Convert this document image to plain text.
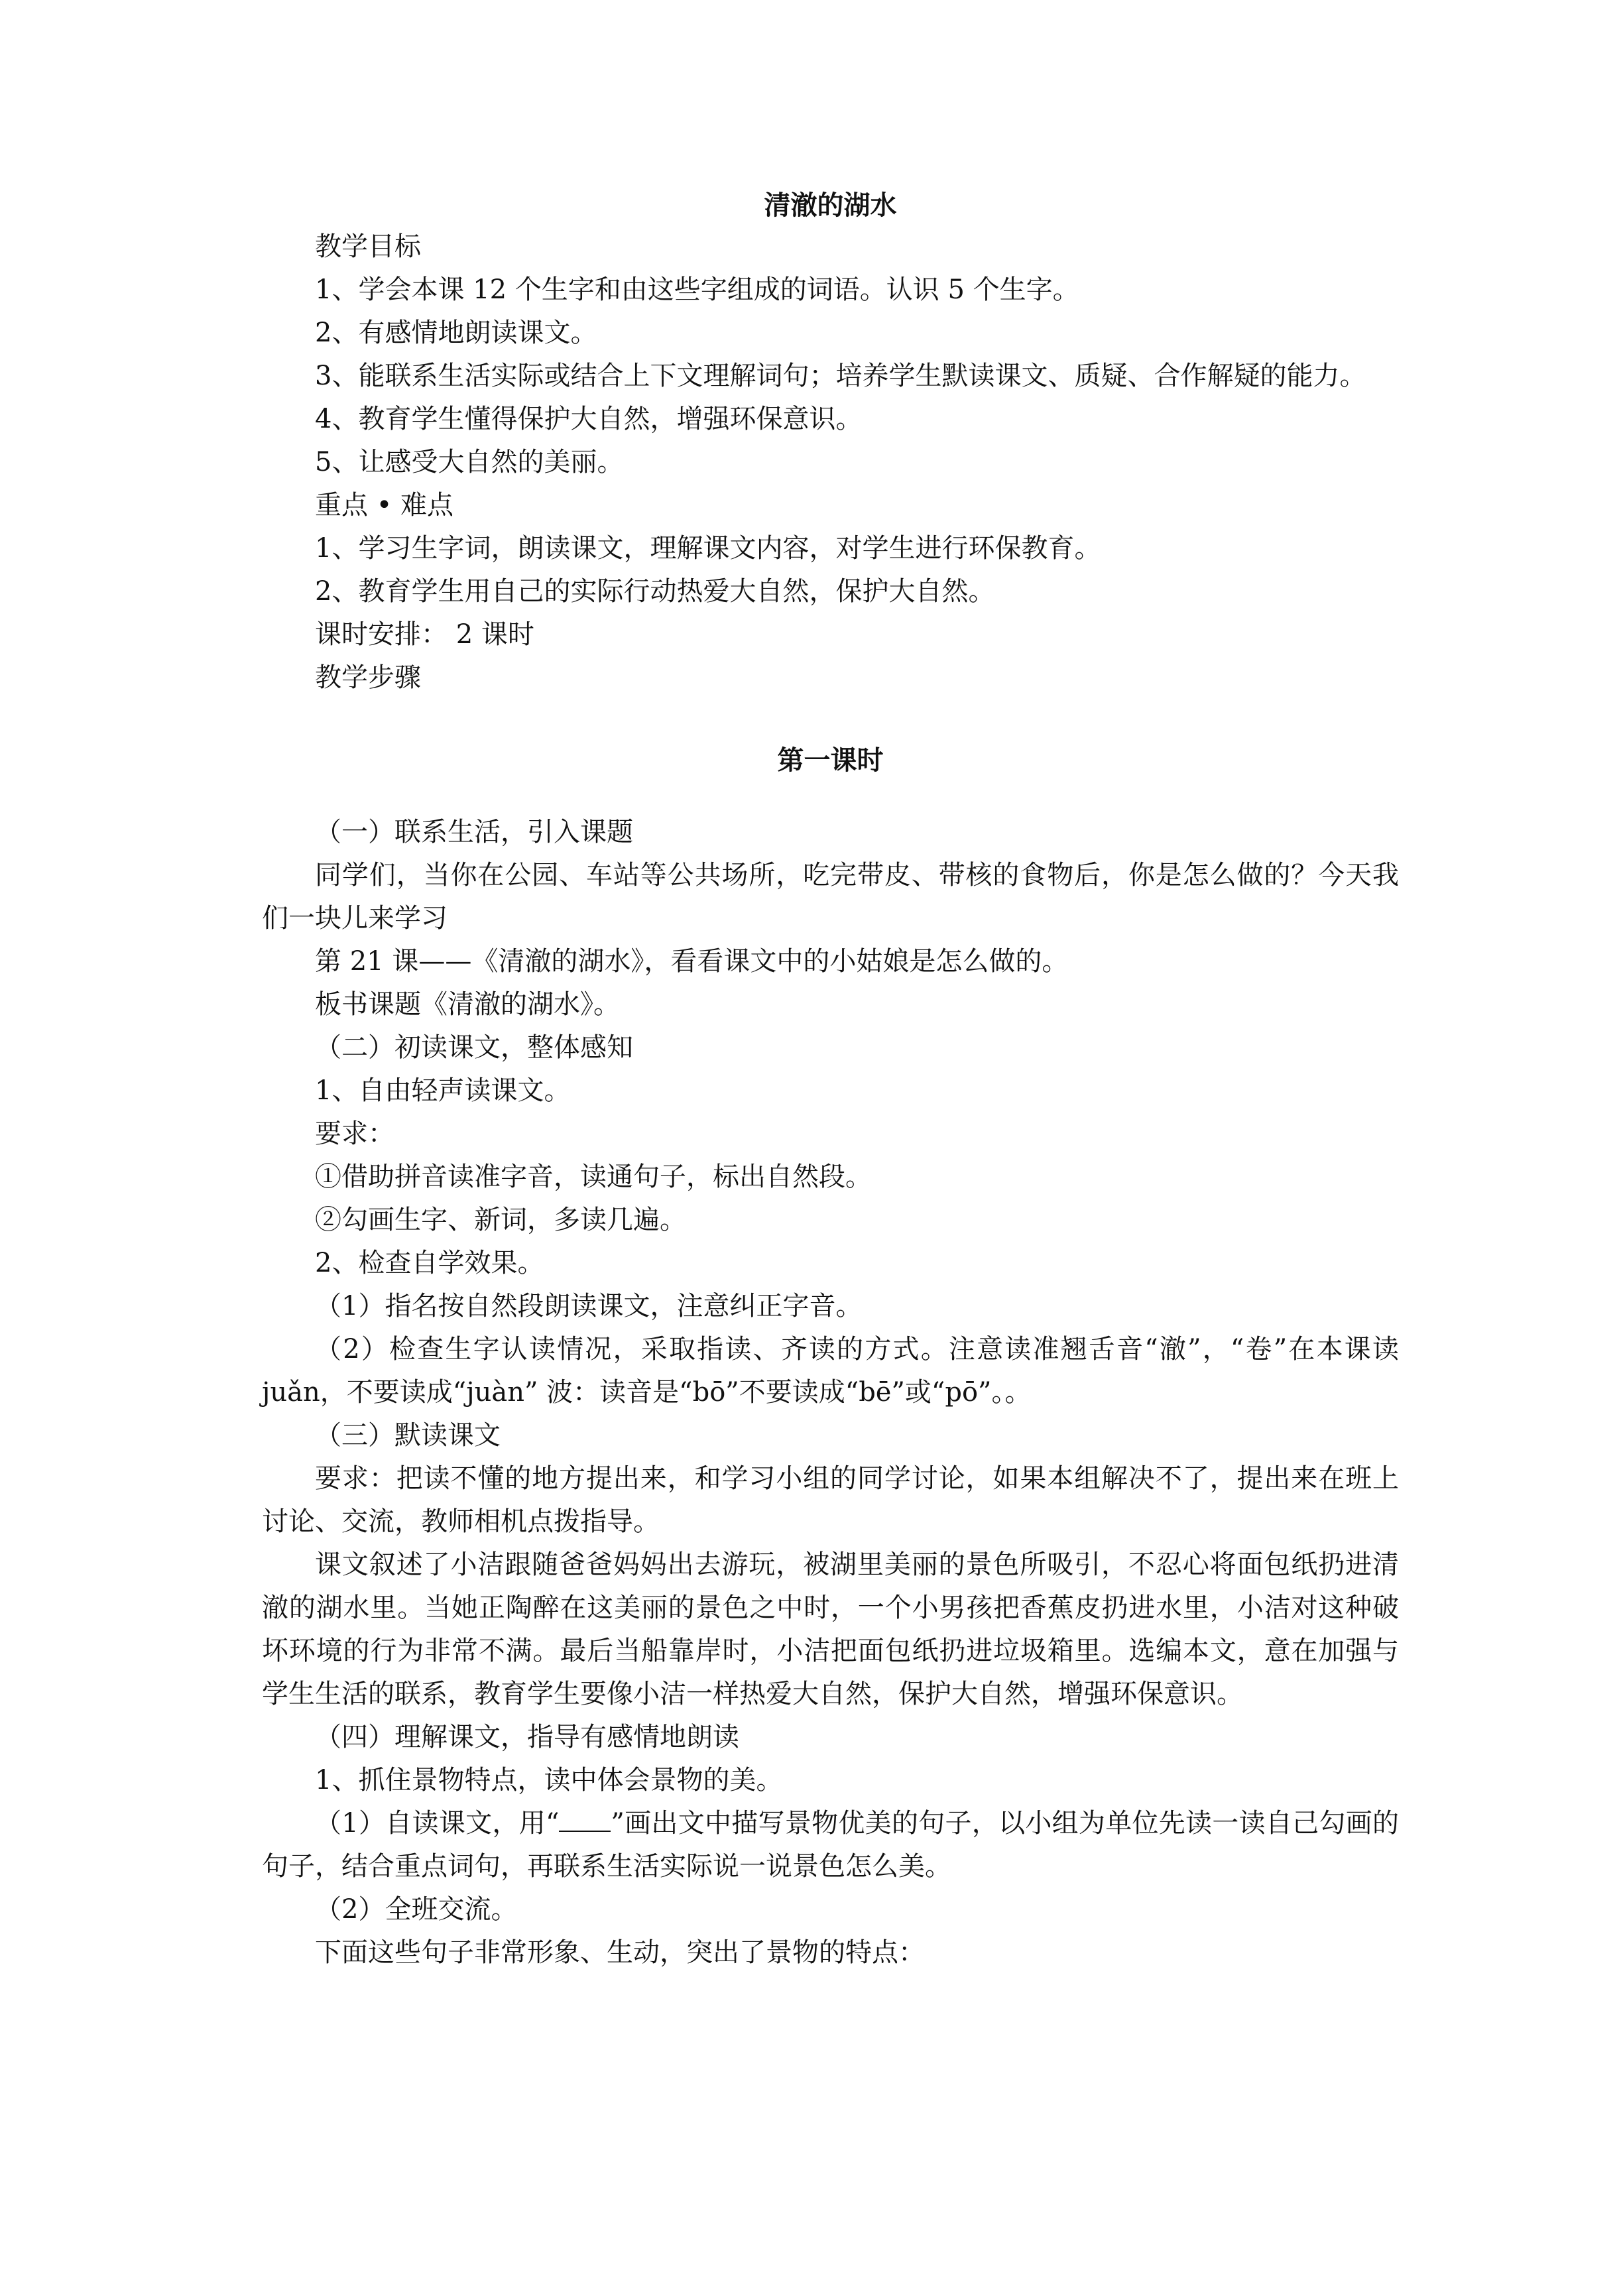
清澈的湖水

教学目标

1、学会本课 12 个生字和由这些字组成的词语。认识 5 个生字。

2、有感情地朗读课文。

3、能联系生活实际或结合上下文理解词句；培养学生默读课文、质疑、合作解疑的能力。

4、教育学生懂得保护大自然，增强环保意识。

5、让感受大自然的美丽。

重点 • 难点

1、学习生字词，朗读课文，理解课文内容，对学生进行环保教育。

2、教育学生用自己的实际行动热爱大自然，保护大自然。

课时安排： 2 课时

教学步骤

第一课时

（一）联系生活，引入课题

同学们，当你在公园、车站等公共场所，吃完带皮、带核的食物后，你是怎么做的？今天我们一块儿来学习

第 21 课——《清澈的湖水》，看看课文中的小姑娘是怎么做的。

板书课题《清澈的湖水》。

（二）初读课文，整体感知

1、自由轻声读课文。

要求：

①借助拼音读准字音，读通句子，标出自然段。

②勾画生字、新词，多读几遍。

2、检查自学效果。

（1）指名按自然段朗读课文，注意纠正字音。

（2）检查生字认读情况，采取指读、齐读的方式。注意读准翘舌音“澈”，“卷”在本课读 juǎn，不要读成“juàn” 波：读音是“bō”不要读成“bē”或“pō”。。

（三）默读课文

要求：把读不懂的地方提出来，和学习小组的同学讨论，如果本组解决不了，提出来在班上讨论、交流，教师相机点拨指导。

课文叙述了小洁跟随爸爸妈妈出去游玩，被湖里美丽的景色所吸引，不忍心将面包纸扔进清澈的湖水里。当她正陶醉在这美丽的景色之中时，一个小男孩把香蕉皮扔进水里，小洁对这种破坏环境的行为非常不满。最后当船靠岸时，小洁把面包纸扔进垃圾箱里。选编本文，意在加强与学生生活的联系，教育学生要像小洁一样热爱大自然，保护大自然，增强环保意识。

（四）理解课文，指导有感情地朗读

1、抓住景物特点，读中体会景物的美。

（1）自读课文，用“ ”画出文中描写景物优美的句子，以小组为单位先读一读自己勾画的句子，结合重点词句，再联系生活实际说一说景色怎么美。

（2）全班交流。

下面这些句子非常形象、生动，突出了景物的特点：
